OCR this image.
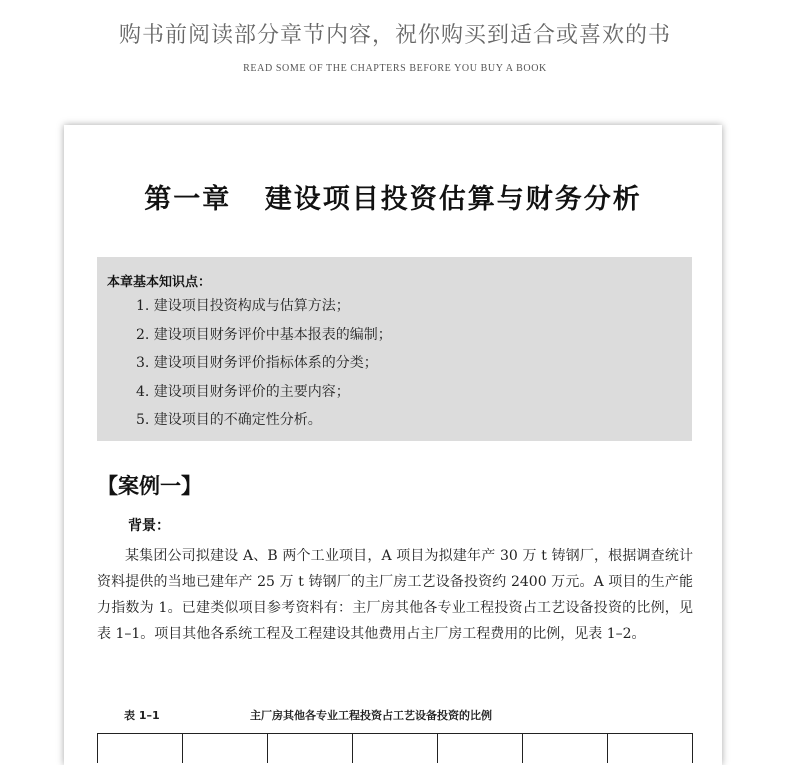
购书前阅读部分章节内容，祝你购买到适合或喜欢的书
READ SOME OF THE CHAPTERS BEFORE YOU BUY A BOOK
第一章 建设项目投资估算与财务分析
本章基本知识点：
1. 建设项目投资构成与估算方法；
2. 建设项目财务评价中基本报表的编制；
3. 建设项目财务评价指标体系的分类；
4. 建设项目财务评价的主要内容；
5. 建设项目的不确定性分析。
【案例一】
背景：

某集团公司拟建设 A、B 两个工业项目，A 项目为拟建年产 30 万 t 铸钢厂，根据调查统计资料提供的当地已建年产 25 万 t 铸钢厂的主厂房工艺设备投资约 2400 万元。A 项目的生产能力指数为 1。已建类似项目参考资料有：主厂房其他各专业工程投资占工艺设备投资的比例，见表 1–1。项目其他各系统工程及工程建设其他费用占主厂房工程费用的比例，见表 1–2。

表 1–1	主厂房其他各专业工程投资占工艺设备投资的比例
